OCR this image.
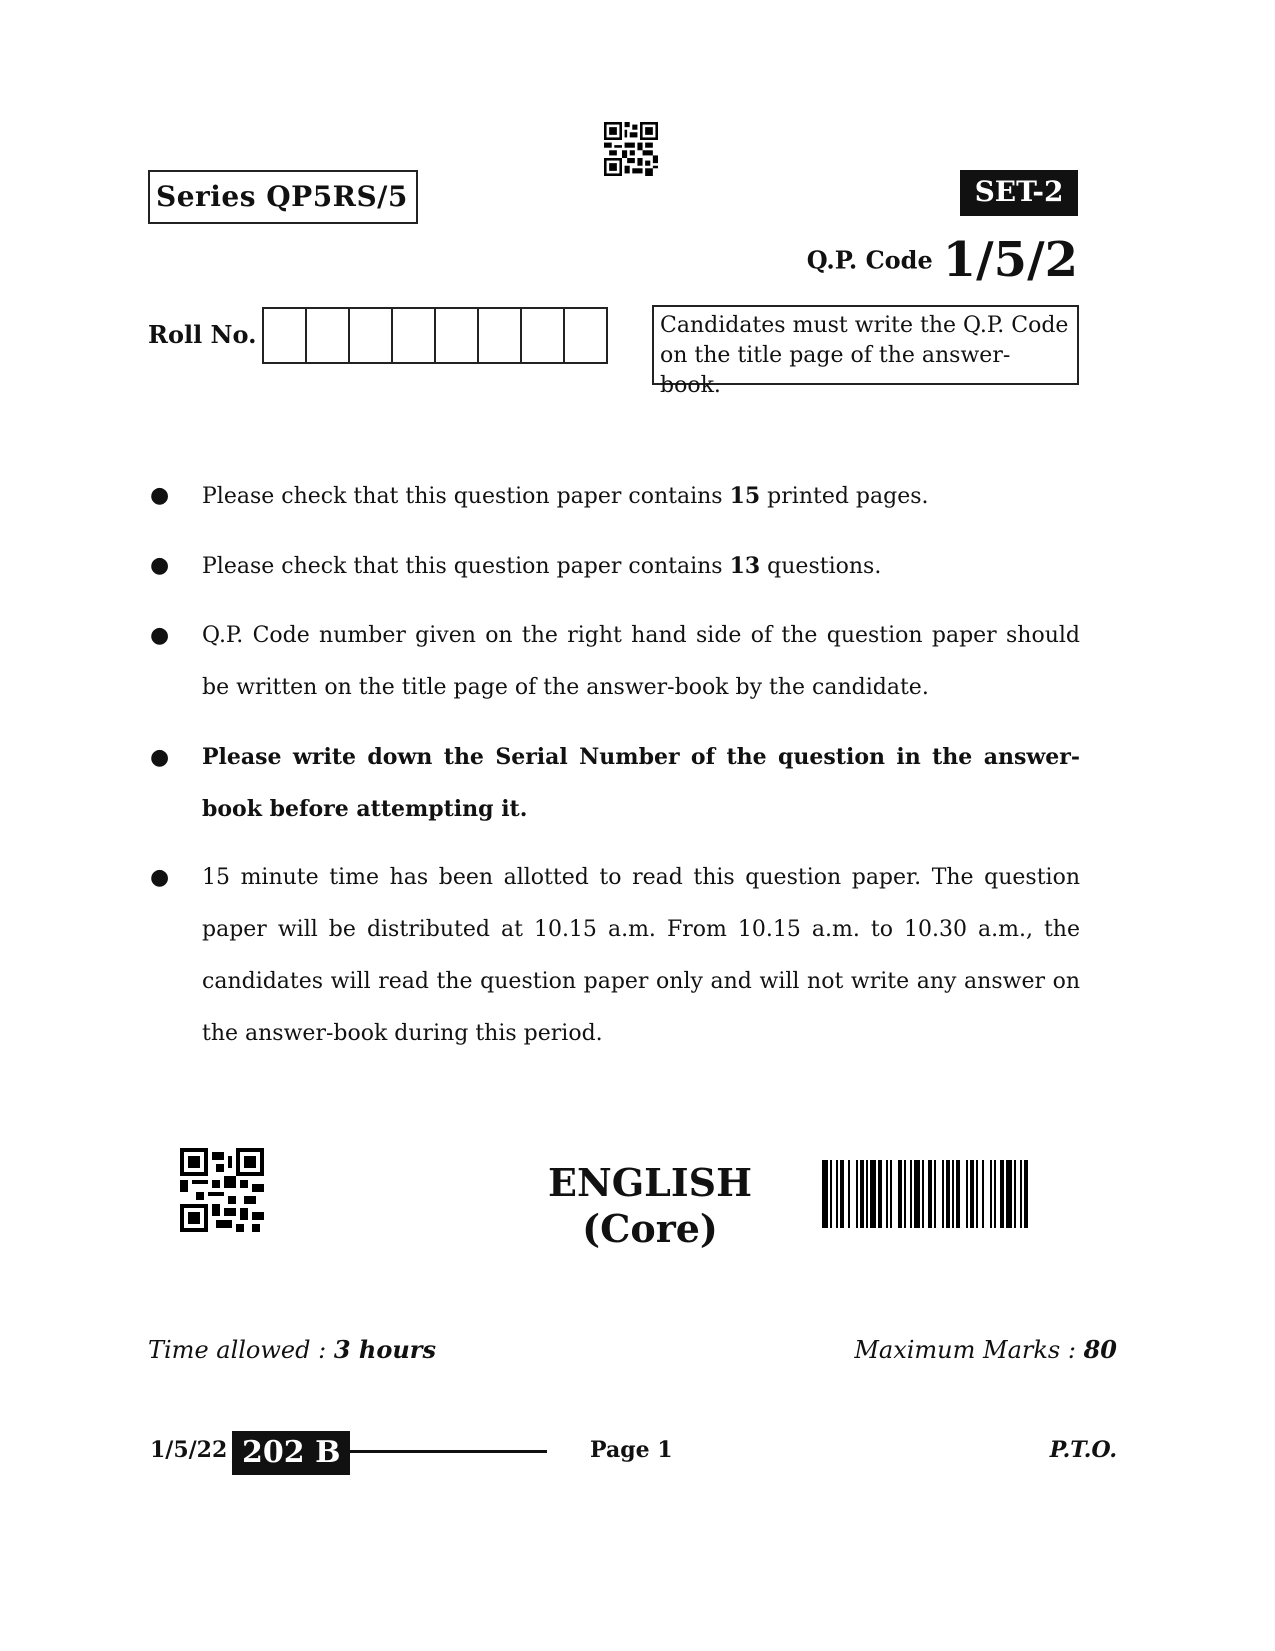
Series QP5RS/5	SET-2
Q.P. Code 1/5/2
Roll No.	Candidates must write the Q.P. Code
on the title page of the answer-book.
● Please check that this question paper contains 15 printed pages.
● Please check that this question paper contains 13 questions.
● Q.P. Code number given on the right hand side of the question paper should be written on the title page of the answer-book by the candidate.
● Please write down the Serial Number of the question in the answer-book before attempting it.
● 15 minute time has been allotted to read this question paper. The question paper will be distributed at 10.15 a.m. From 10.15 a.m. to 10.30 a.m., the candidates will read the question paper only and will not write any answer on the answer-book during this period.
ENGLISH
(Core)
Time allowed : 3 hours	Maximum Marks : 80
1/5/22 202 B	Page 1	P.T.O.
